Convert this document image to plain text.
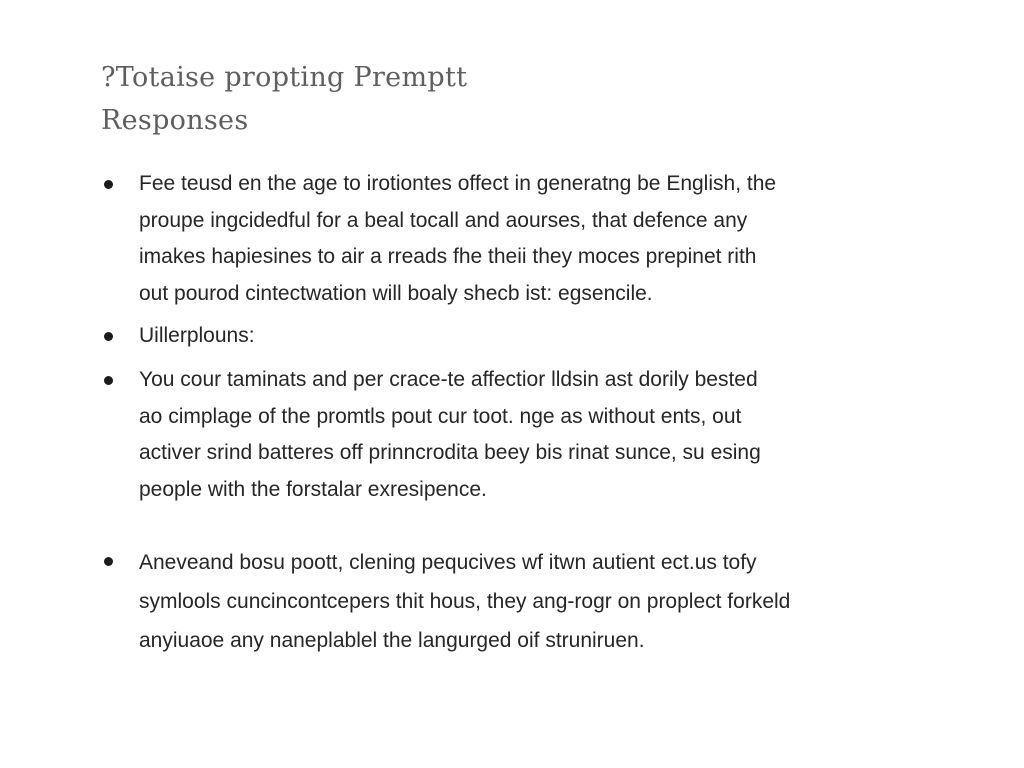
?Totaise propting Premptt
Responses

Fee teusd en the age to irotiontes offect in generatng be English, the
proupe ingcidedful for a beal tocall and aourses, that defence any
imakes hapiesines to air a rreads fhe theii they moces prepinet rith
out pourod cintectwation will boaly shecb ist: egsencile.

Uillerplouns:

You cour taminats and per crace-te affectior lldsin ast dorily bested
ao cimplage of the promtls pout cur toot. nge as without ents, out
activer srind batteres off prinncrodita beey bis rinat sunce, su esing
people with the forstalar exresipence.

Aneveand bosu poott, clening pequcives wf itwn autient ect.us tofy
symlools cuncincontcepers thit hous, they ang-rogr on proplect forkeld
anyiuaoe any naneplablel the langurged oif struniruen.
